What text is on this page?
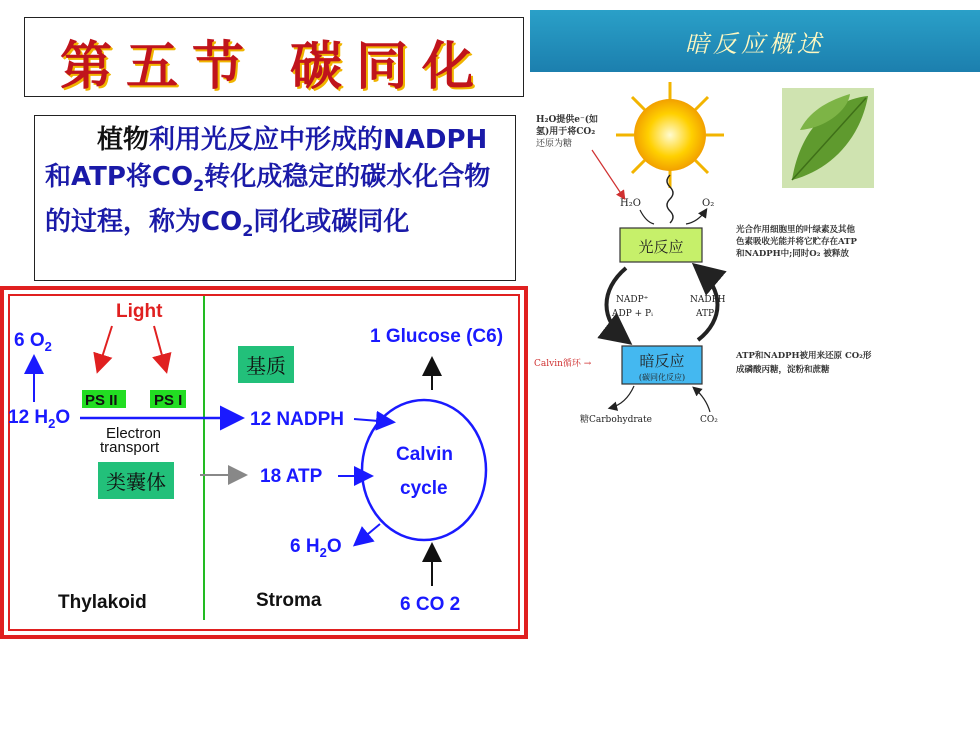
第五节 碳同化

植物利用光反应中形成的NADPH和ATP将$CO_2$转化成稳定的碳水化合物的过程，称为$CO_2$同化或碳同化

Light
PS II PS I
6 $O_2$
12 $H_2O$
Electron
transport
12 NADPH
18 ATP
Calvin
cycle
1 Glucose (C6)
6 $H_2O$
6 CO 2
Thylakoid	Stroma
基质
类囊体
暗反应概述
H₂O提供e⁻(如
氢)用于将CO₂
还原为糖
H₂O	O₂
光反应
光合作用细胞里的叶绿素及其他
色素吸收光能并将它贮存在ATP
和NADPH中;同时O₂ 被释放
NADP⁺
ADP + Pᵢ
NADPH
ATP
Calvin循环 →	暗反应
(碳同化反应)
ATP和NADPH被用来还原 CO₂形
成磷酸丙糖，淀粉和蔗糖
糖Carbohydrate	CO₂
